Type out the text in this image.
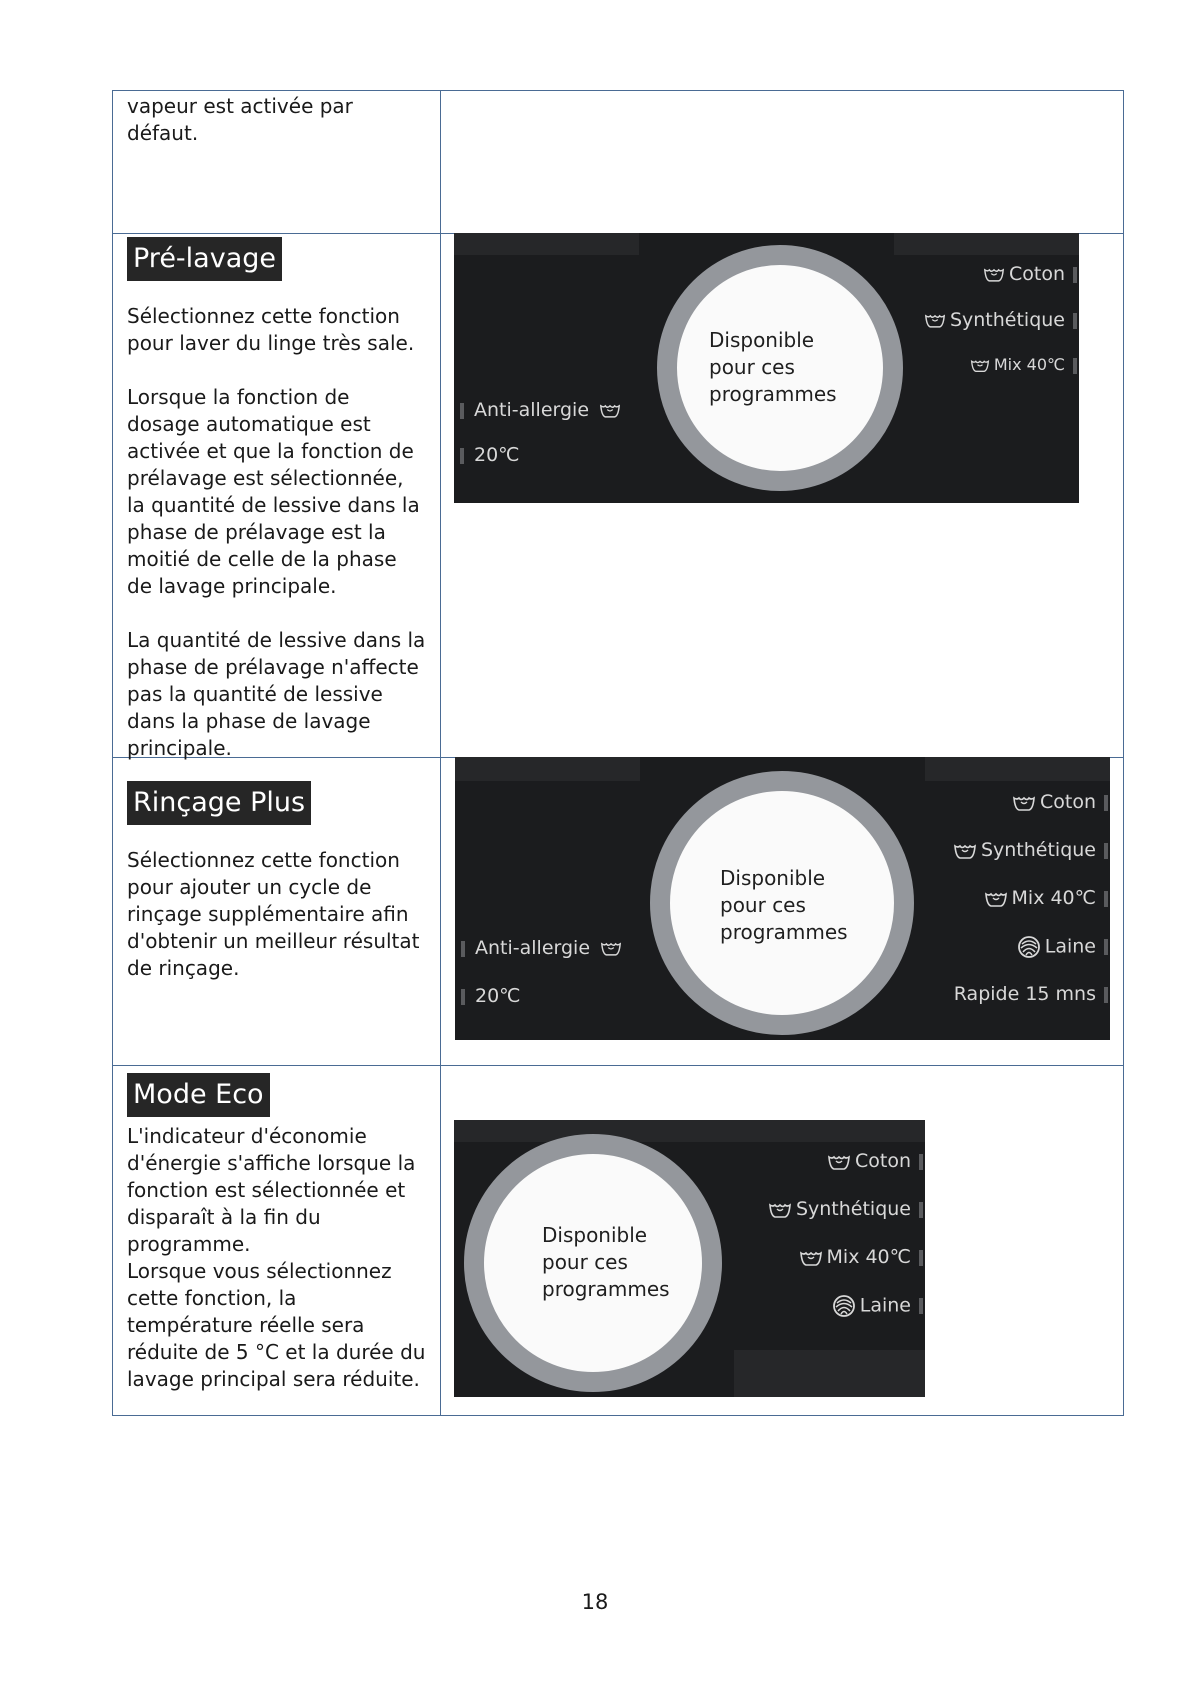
vapeur est activée par défaut.

Pré-lavage

Sélectionnez cette fonction pour laver du linge très sale.

Lorsque la fonction de dosage automatique est activée et que la fonction de prélavage est sélectionnée, la quantité de lessive dans la phase de prélavage est la moitié de celle de la phase de lavage principale.

La quantité de lessive dans la phase de prélavage n'affecte pas la quantité de lessive dans la phase de lavage principale.

Disponible pour ces programmes
Anti-allergie
20℃
Coton
Synthétique
Mix 40℃
Rinçage Plus

Sélectionnez cette fonction pour ajouter un cycle de rinçage supplémentaire afin d'obtenir un meilleur résultat de rinçage.

Disponible pour ces programmes
Anti-allergie
20℃
Coton
Synthétique
Mix 40℃
Laine
Rapide 15 mns
Mode Eco

L'indicateur d'économie d'énergie s'affiche lorsque la fonction est sélectionnée et disparaît à la fin du programme.

Lorsque vous sélectionnez cette fonction, la température réelle sera réduite de 5 °C et la durée du lavage principal sera réduite.

Disponible pour ces programmes
Coton
Synthétique
Mix 40℃
Laine
18
